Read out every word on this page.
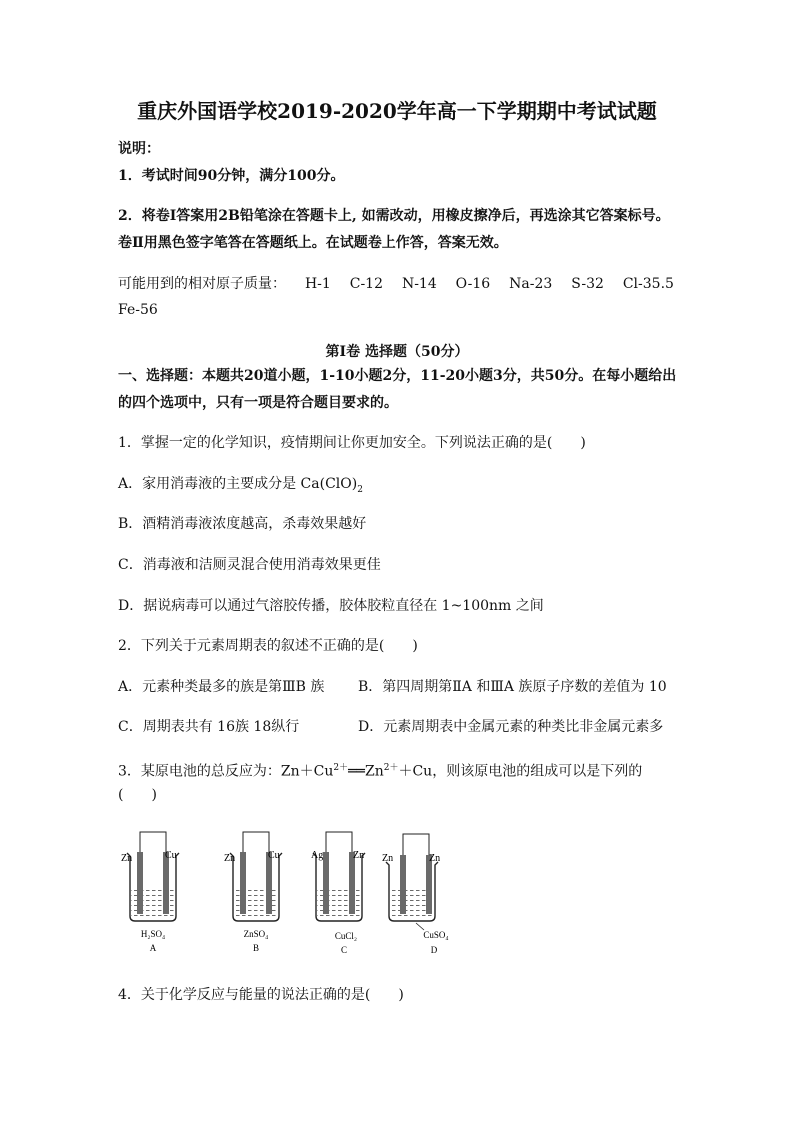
重庆外国语学校2019-2020学年高一下学期期中考试试题
说明：
1．考试时间90分钟，满分100分。
2．将卷Ⅰ答案用2B铅笔涂在答题卡上, 如需改动，用橡皮擦净后，再选涂其它答案标号。
卷Ⅱ用黑色签字笔答在答题纸上。在试题卷上作答，答案无效。
可能用到的相对原子质量： H-1 C-12 N-14 O-16 Na-23 S-32 Cl-35.5
Fe-56
第Ⅰ卷 选择题（50分）
一、选择题：本题共20道小题，1-10小题2分，11-20小题3分，共50分。在每小题给出
的四个选项中，只有一项是符合题目要求的。
1．掌握一定的化学知识，疫情期间让你更加安全。下列说法正确的是(　　)
A．家用消毒液的主要成分是 $Ca(ClO)_2$
B．酒精消毒液浓度越高，杀毒效果越好
C．消毒液和洁厕灵混合使用消毒效果更佳
D．据说病毒可以通过气溶胶传播，胶体胶粒直径在 1~100nm 之间
2．下列关于元素周期表的叙述不正确的是(　　)
A．元素种类最多的族是第ⅢB 族 B．第四周期第ⅡA 和ⅢA 族原子序数的差值为 10
C．周期表共有 16族 18纵行	D．元素周期表中金属元素的种类比非金属元素多
3．某原电池的总反应为：$Zn+Cu^{2+}══Zn^{2+}+Cu$，则该原电池的组成可以是下列的
(　　)
Zn	Cu
H₂SO₄
A
Zn	Cu
ZnSO₄
B
Ag	Zn
CuCl₂
C
Zn	Zn
CuSO₄
D
4．关于化学反应与能量的说法正确的是(　　)
